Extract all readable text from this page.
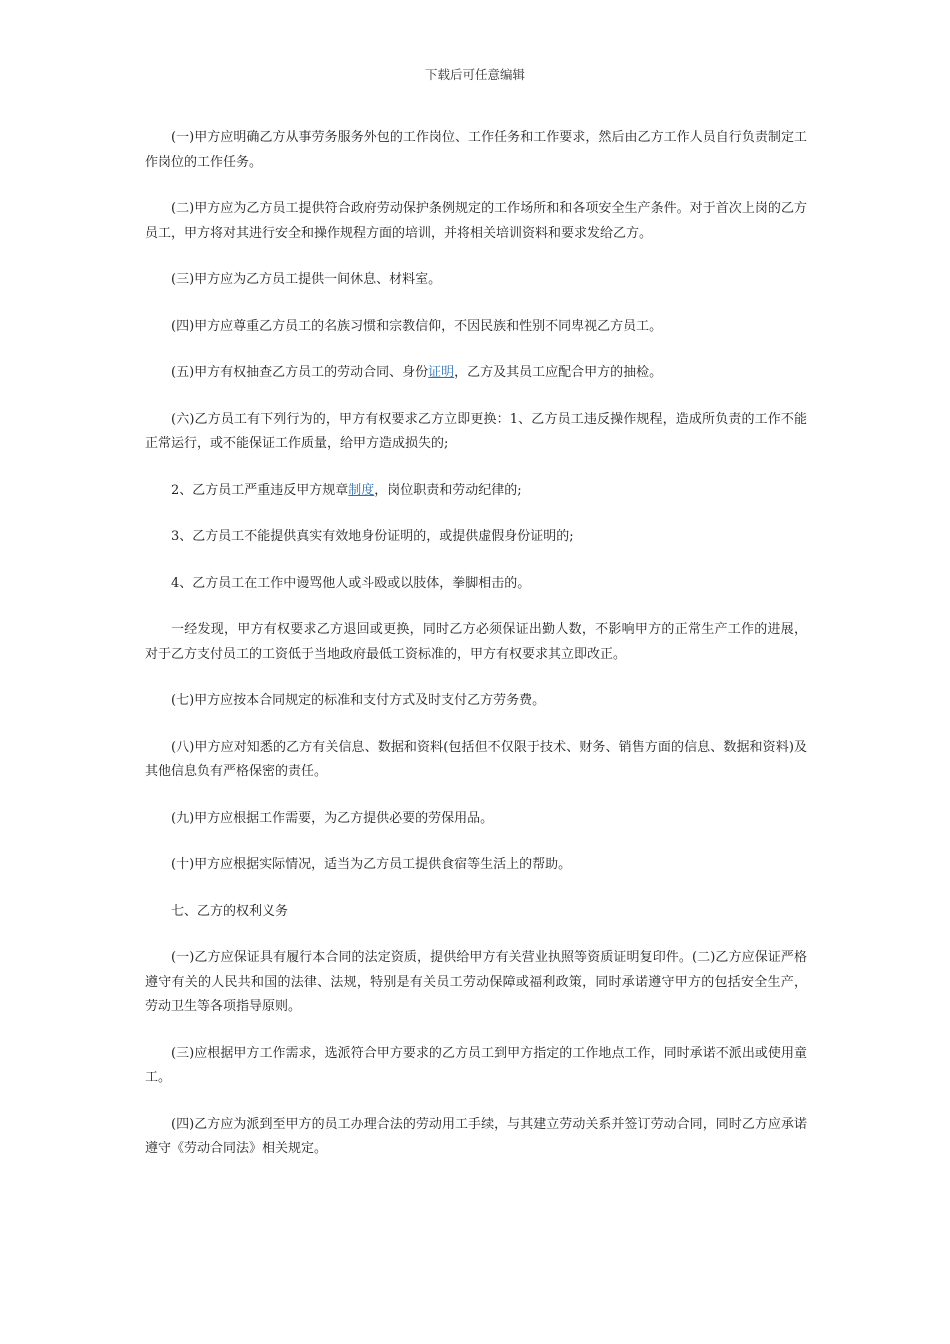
下载后可任意编辑

(一)甲方应明确乙方从事劳务服务外包的工作岗位、工作任务和工作要求，然后由乙方工作人员自行负责制定工作岗位的工作任务。

(二)甲方应为乙方员工提供符合政府劳动保护条例规定的工作场所和和各项安全生产条件。对于首次上岗的乙方员工，甲方将对其进行安全和操作规程方面的培训，并将相关培训资料和要求发给乙方。

(三)甲方应为乙方员工提供一间休息、材料室。

(四)甲方应尊重乙方员工的名族习惯和宗教信仰，不因民族和性别不同卑视乙方员工。

(五)甲方有权抽查乙方员工的劳动合同、身份证明，乙方及其员工应配合甲方的抽检。

(六)乙方员工有下列行为的，甲方有权要求乙方立即更换：1、乙方员工违反操作规程，造成所负责的工作不能正常运行，或不能保证工作质量，给甲方造成损失的;

2、乙方员工严重违反甲方规章制度，岗位职责和劳动纪律的;

3、乙方员工不能提供真实有效地身份证明的，或提供虚假身份证明的;

4、乙方员工在工作中谩骂他人或斗殴或以肢体，拳脚相击的。

一经发现，甲方有权要求乙方退回或更换，同时乙方必须保证出勤人数，不影响甲方的正常生产工作的进展，对于乙方支付员工的工资低于当地政府最低工资标准的，甲方有权要求其立即改正。

(七)甲方应按本合同规定的标准和支付方式及时支付乙方劳务费。

(八)甲方应对知悉的乙方有关信息、数据和资料(包括但不仅限于技术、财务、销售方面的信息、数据和资料)及其他信息负有严格保密的责任。

(九)甲方应根据工作需要，为乙方提供必要的劳保用品。

(十)甲方应根据实际情况，适当为乙方员工提供食宿等生活上的帮助。

七、乙方的权利义务

(一)乙方应保证具有履行本合同的法定资质，提供给甲方有关营业执照等资质证明复印件。(二)乙方应保证严格遵守有关的人民共和国的法律、法规，特别是有关员工劳动保障或福利政策，同时承诺遵守甲方的包括安全生产，劳动卫生等各项指导原则。

(三)应根据甲方工作需求，选派符合甲方要求的乙方员工到甲方指定的工作地点工作，同时承诺不派出或使用童工。

(四)乙方应为派到至甲方的员工办理合法的劳动用工手续，与其建立劳动关系并签订劳动合同，同时乙方应承诺遵守《劳动合同法》相关规定。
